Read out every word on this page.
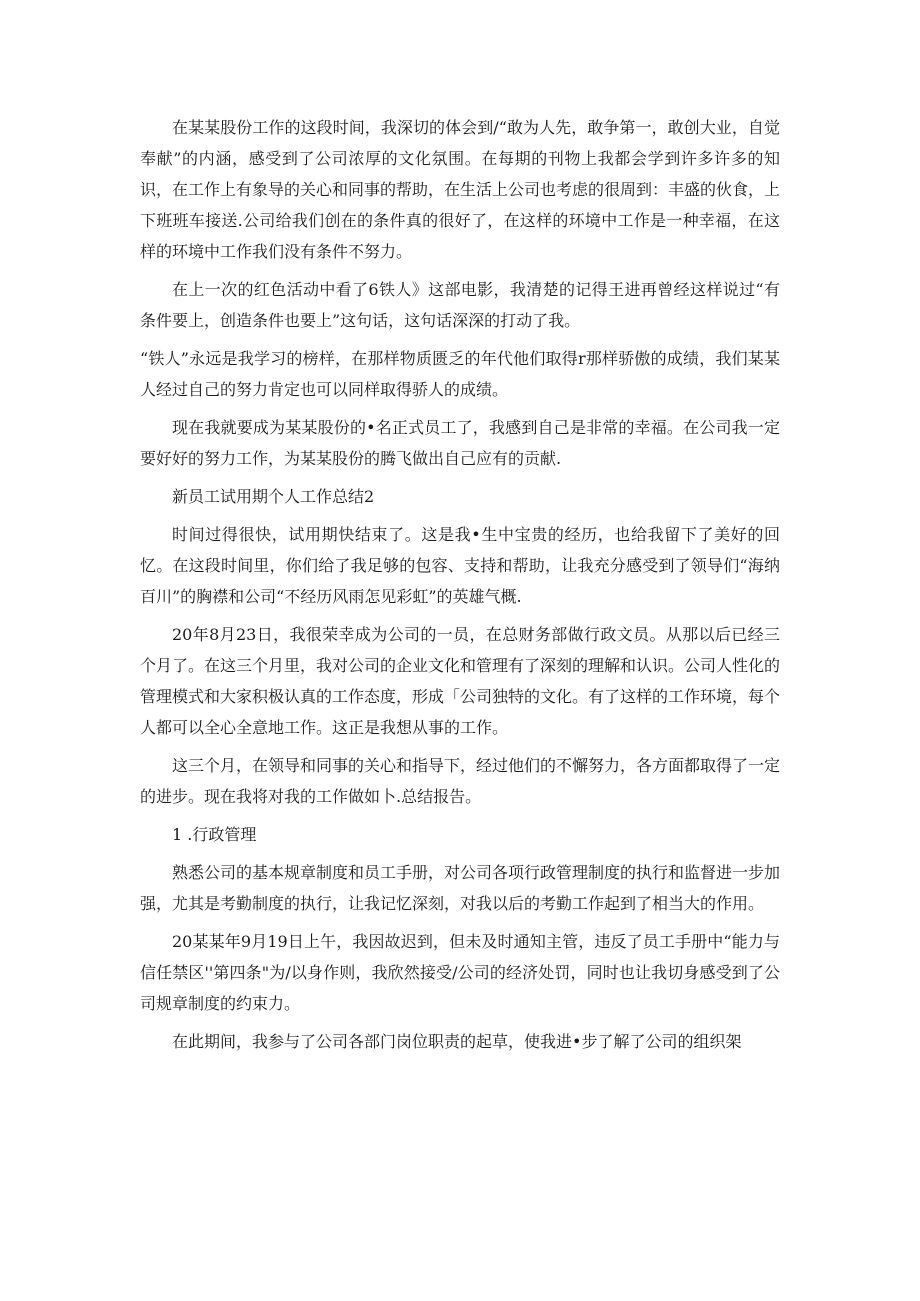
在某某股份工作的这段时间，我深切的体会到/“敢为人先，敢争第一，敢创大业，自觉奉献”的内涵，感受到了公司浓厚的文化氛围。在每期的刊物上我都会学到许多许多的知识，在工作上有象导的关心和同事的帮助，在生活上公司也考虑的很周到：丰盛的伙食，上下班班车接送.公司给我们创在的条件真的很好了，在这样的环境中工作是一种幸福，在这样的环境中工作我们没有条件不努力。

在上一次的红色活动中看了6铁人》这部电影，我清楚的记得王进再曾经这样说过“有条件要上，创造条件也要上”这句话，这句话深深的打动了我。

“铁人”永远是我学习的榜样，在那样物质匮乏的年代他们取得r那样骄傲的成绩，我们某某人经过自己的努力肯定也可以同样取得骄人的成绩。

现在我就要成为某某股份的•名正式员工了，我感到自己是非常的幸福。在公司我一定要好好的努力工作，为某某股份的腾飞做出自己应有的贡献.

新员工试用期个人工作总结2

时间过得很快，试用期快结束了。这是我•生中宝贵的经历，也给我留下了美好的回忆。在这段时间里，你们给了我足够的包容、支持和帮助，让我充分感受到了领导们“海纳百川”的胸襟和公司“不经历风雨怎见彩虹”的英雄气概.

20年8月23日，我很荣幸成为公司的一员，在总财务部做行政文员。从那以后已经三个月了。在这三个月里，我对公司的企业文化和管理有了深刻的理解和认识。公司人性化的管理模式和大家积极认真的工作态度，形成「公司独特的文化。有了这样的工作环境，每个人都可以全心全意地工作。这正是我想从事的工作。

这三个月，在领导和同事的关心和指导下，经过他们的不懈努力，各方面都取得了一定的进步。现在我将对我的工作做如卜.总结报告。

1 .行政管理

熟悉公司的基本规章制度和员工手册，对公司各项行政管理制度的执行和监督进一步加强，尤其是考勤制度的执行，让我记忆深刻，对我以后的考勤工作起到了相当大的作用。

20某某年9月19日上午，我因故迟到，但未及时通知主管，违反了员工手册中“能力与信任禁区''第四条"为/以身作则，我欣然接受/公司的经济处罚，同时也让我切身感受到了公司规章制度的约束力。

在此期间，我参与了公司各部门岗位职责的起草，使我进•步了解了公司的组织架
